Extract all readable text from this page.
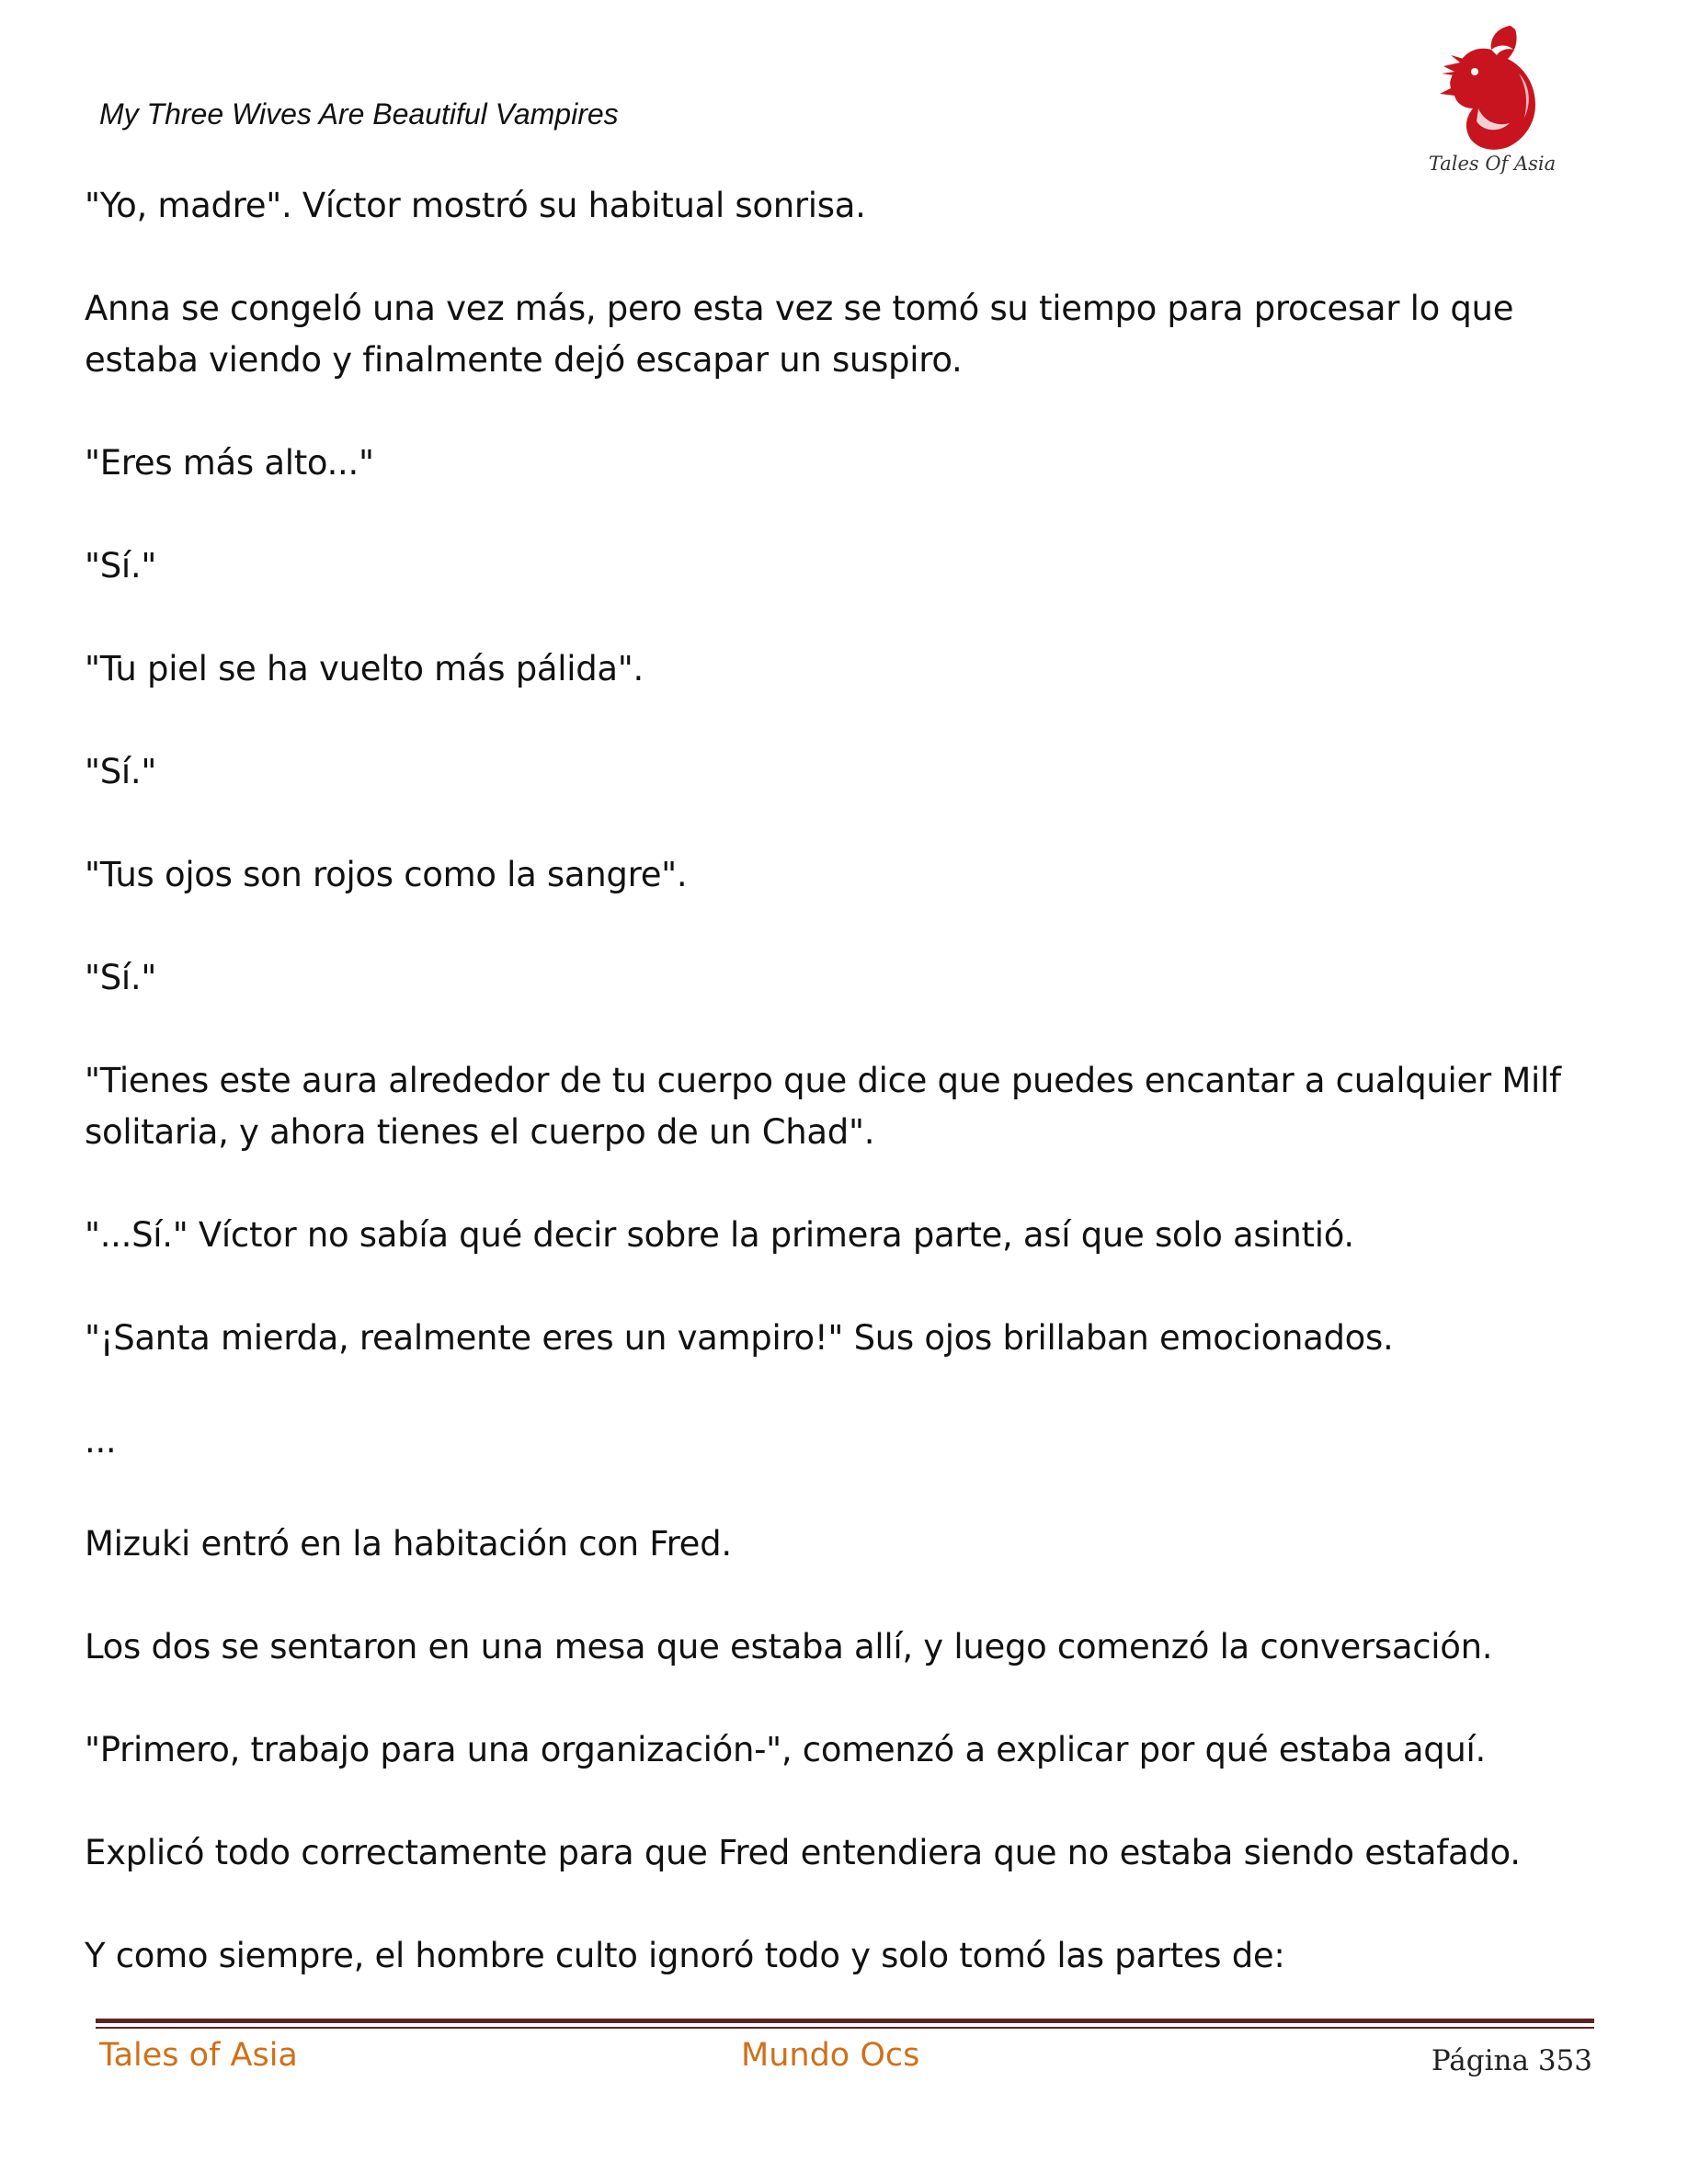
My Three Wives Are Beautiful Vampires
Tales Of Asia

"Yo, madre". Víctor mostró su habitual sonrisa.

Anna se congeló una vez más, pero esta vez se tomó su tiempo para procesar lo que estaba viendo y finalmente dejó escapar un suspiro.

"Eres más alto..."

"Sí."

"Tu piel se ha vuelto más pálida".

"Sí."

"Tus ojos son rojos como la sangre".

"Sí."

"Tienes este aura alrededor de tu cuerpo que dice que puedes encantar a cualquier Milf solitaria, y ahora tienes el cuerpo de un Chad".

"...Sí." Víctor no sabía qué decir sobre la primera parte, así que solo asintió.

"¡Santa mierda, realmente eres un vampiro!" Sus ojos brillaban emocionados.

...

Mizuki entró en la habitación con Fred.

Los dos se sentaron en una mesa que estaba allí, y luego comenzó la conversación.

"Primero, trabajo para una organización-", comenzó a explicar por qué estaba aquí.

Explicó todo correctamente para que Fred entendiera que no estaba siendo estafado.

Y como siempre, el hombre culto ignoró todo y solo tomó las partes de:

Tales of Asia	Mundo Ocs	Página 353
